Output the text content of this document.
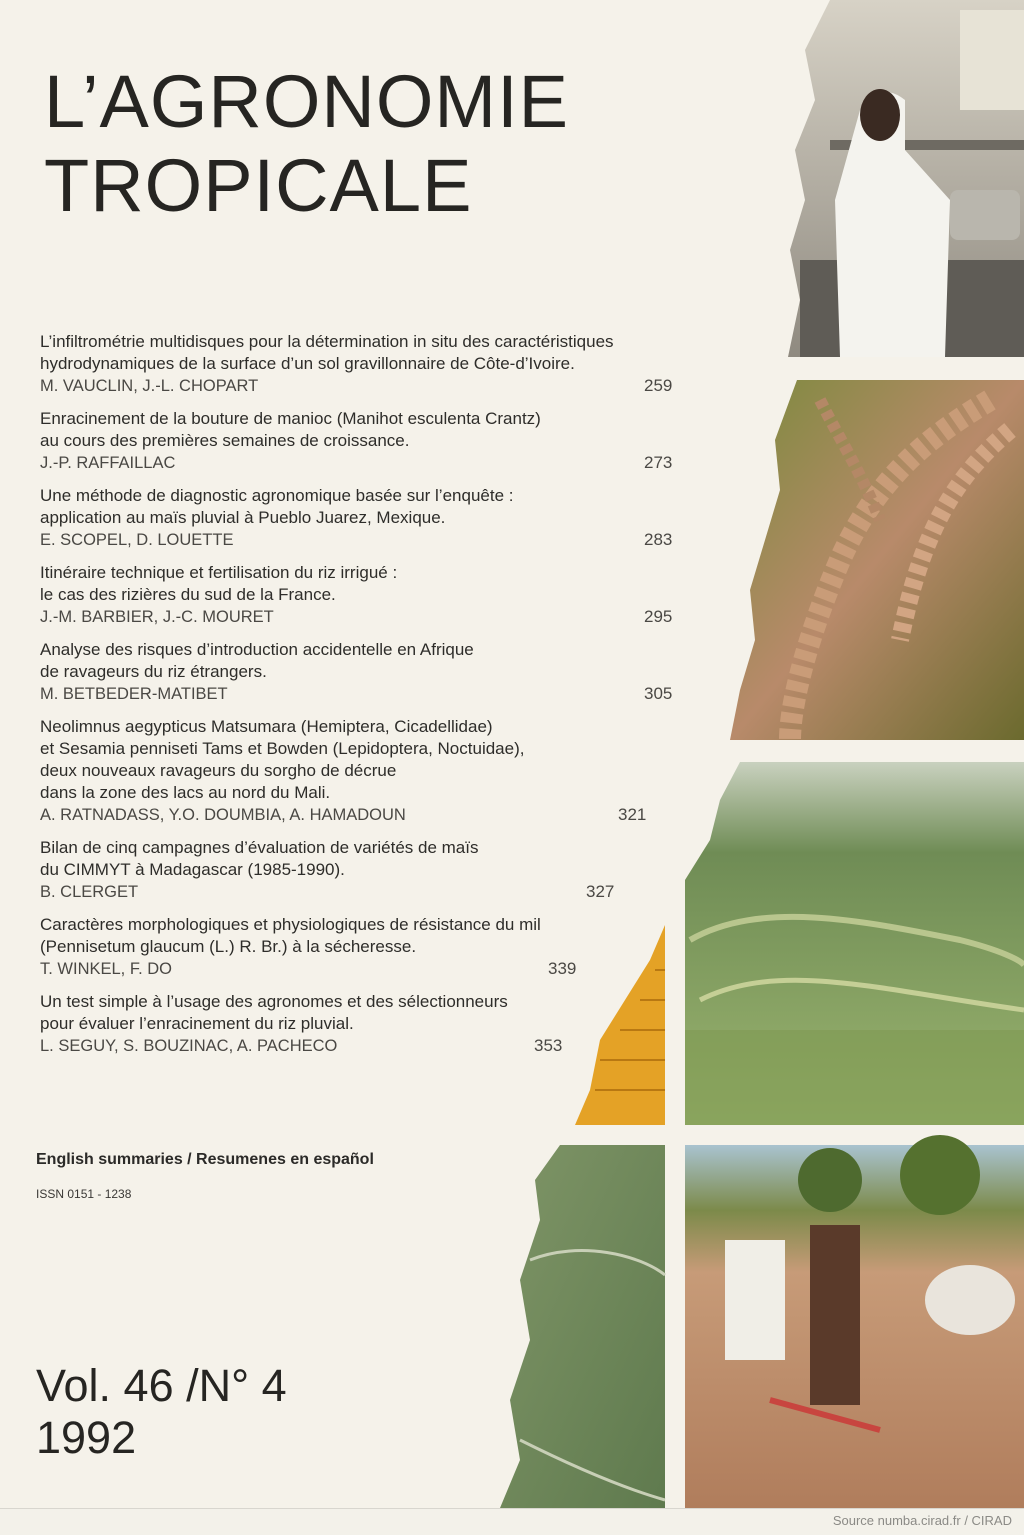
L’AGRONOMIE
TROPICALE
L’infiltrométrie multidisques pour la détermination in situ des caractéristiques
hydrodynamiques de la surface d’un sol gravillonnaire de Côte-d’Ivoire.
M. VAUCLIN, J.-L. CHOPART	259
Enracinement de la bouture de manioc (Manihot esculenta Crantz)
au cours des premières semaines de croissance.
J.-P. RAFFAILLAC	273
Une méthode de diagnostic agronomique basée sur l’enquête :
application au maïs pluvial à Pueblo Juarez, Mexique.
E. SCOPEL, D. LOUETTE	283
Itinéraire technique et fertilisation du riz irrigué :
le cas des rizières du sud de la France.
J.-M. BARBIER, J.-C. MOURET	295
Analyse des risques d’introduction accidentelle en Afrique
de ravageurs du riz étrangers.
M. BETBEDER-MATIBET	305
Neolimnus aegypticus Matsumara (Hemiptera, Cicadellidae)
et Sesamia penniseti Tams et Bowden (Lepidoptera, Noctuidae),
deux nouveaux ravageurs du sorgho de décrue
dans la zone des lacs au nord du Mali.
A. RATNADASS, Y.O. DOUMBIA, A. HAMADOUN	321
Bilan de cinq campagnes d’évaluation de variétés de maïs
du CIMMYT à Madagascar (1985-1990).
B. CLERGET	327
Caractères morphologiques et physiologiques de résistance du mil
(Pennisetum glaucum (L.) R. Br.) à la sécheresse.
T. WINKEL, F. DO	339
Un test simple à l’usage des agronomes et des sélectionneurs
pour évaluer l’enracinement du riz pluvial.
L. SEGUY, S. BOUZINAC, A. PACHECO	353
English summaries / Resumenes en español
ISSN 0151 - 1238
Vol. 46 /N° 4
1992
Source numba.cirad.fr / CIRAD
